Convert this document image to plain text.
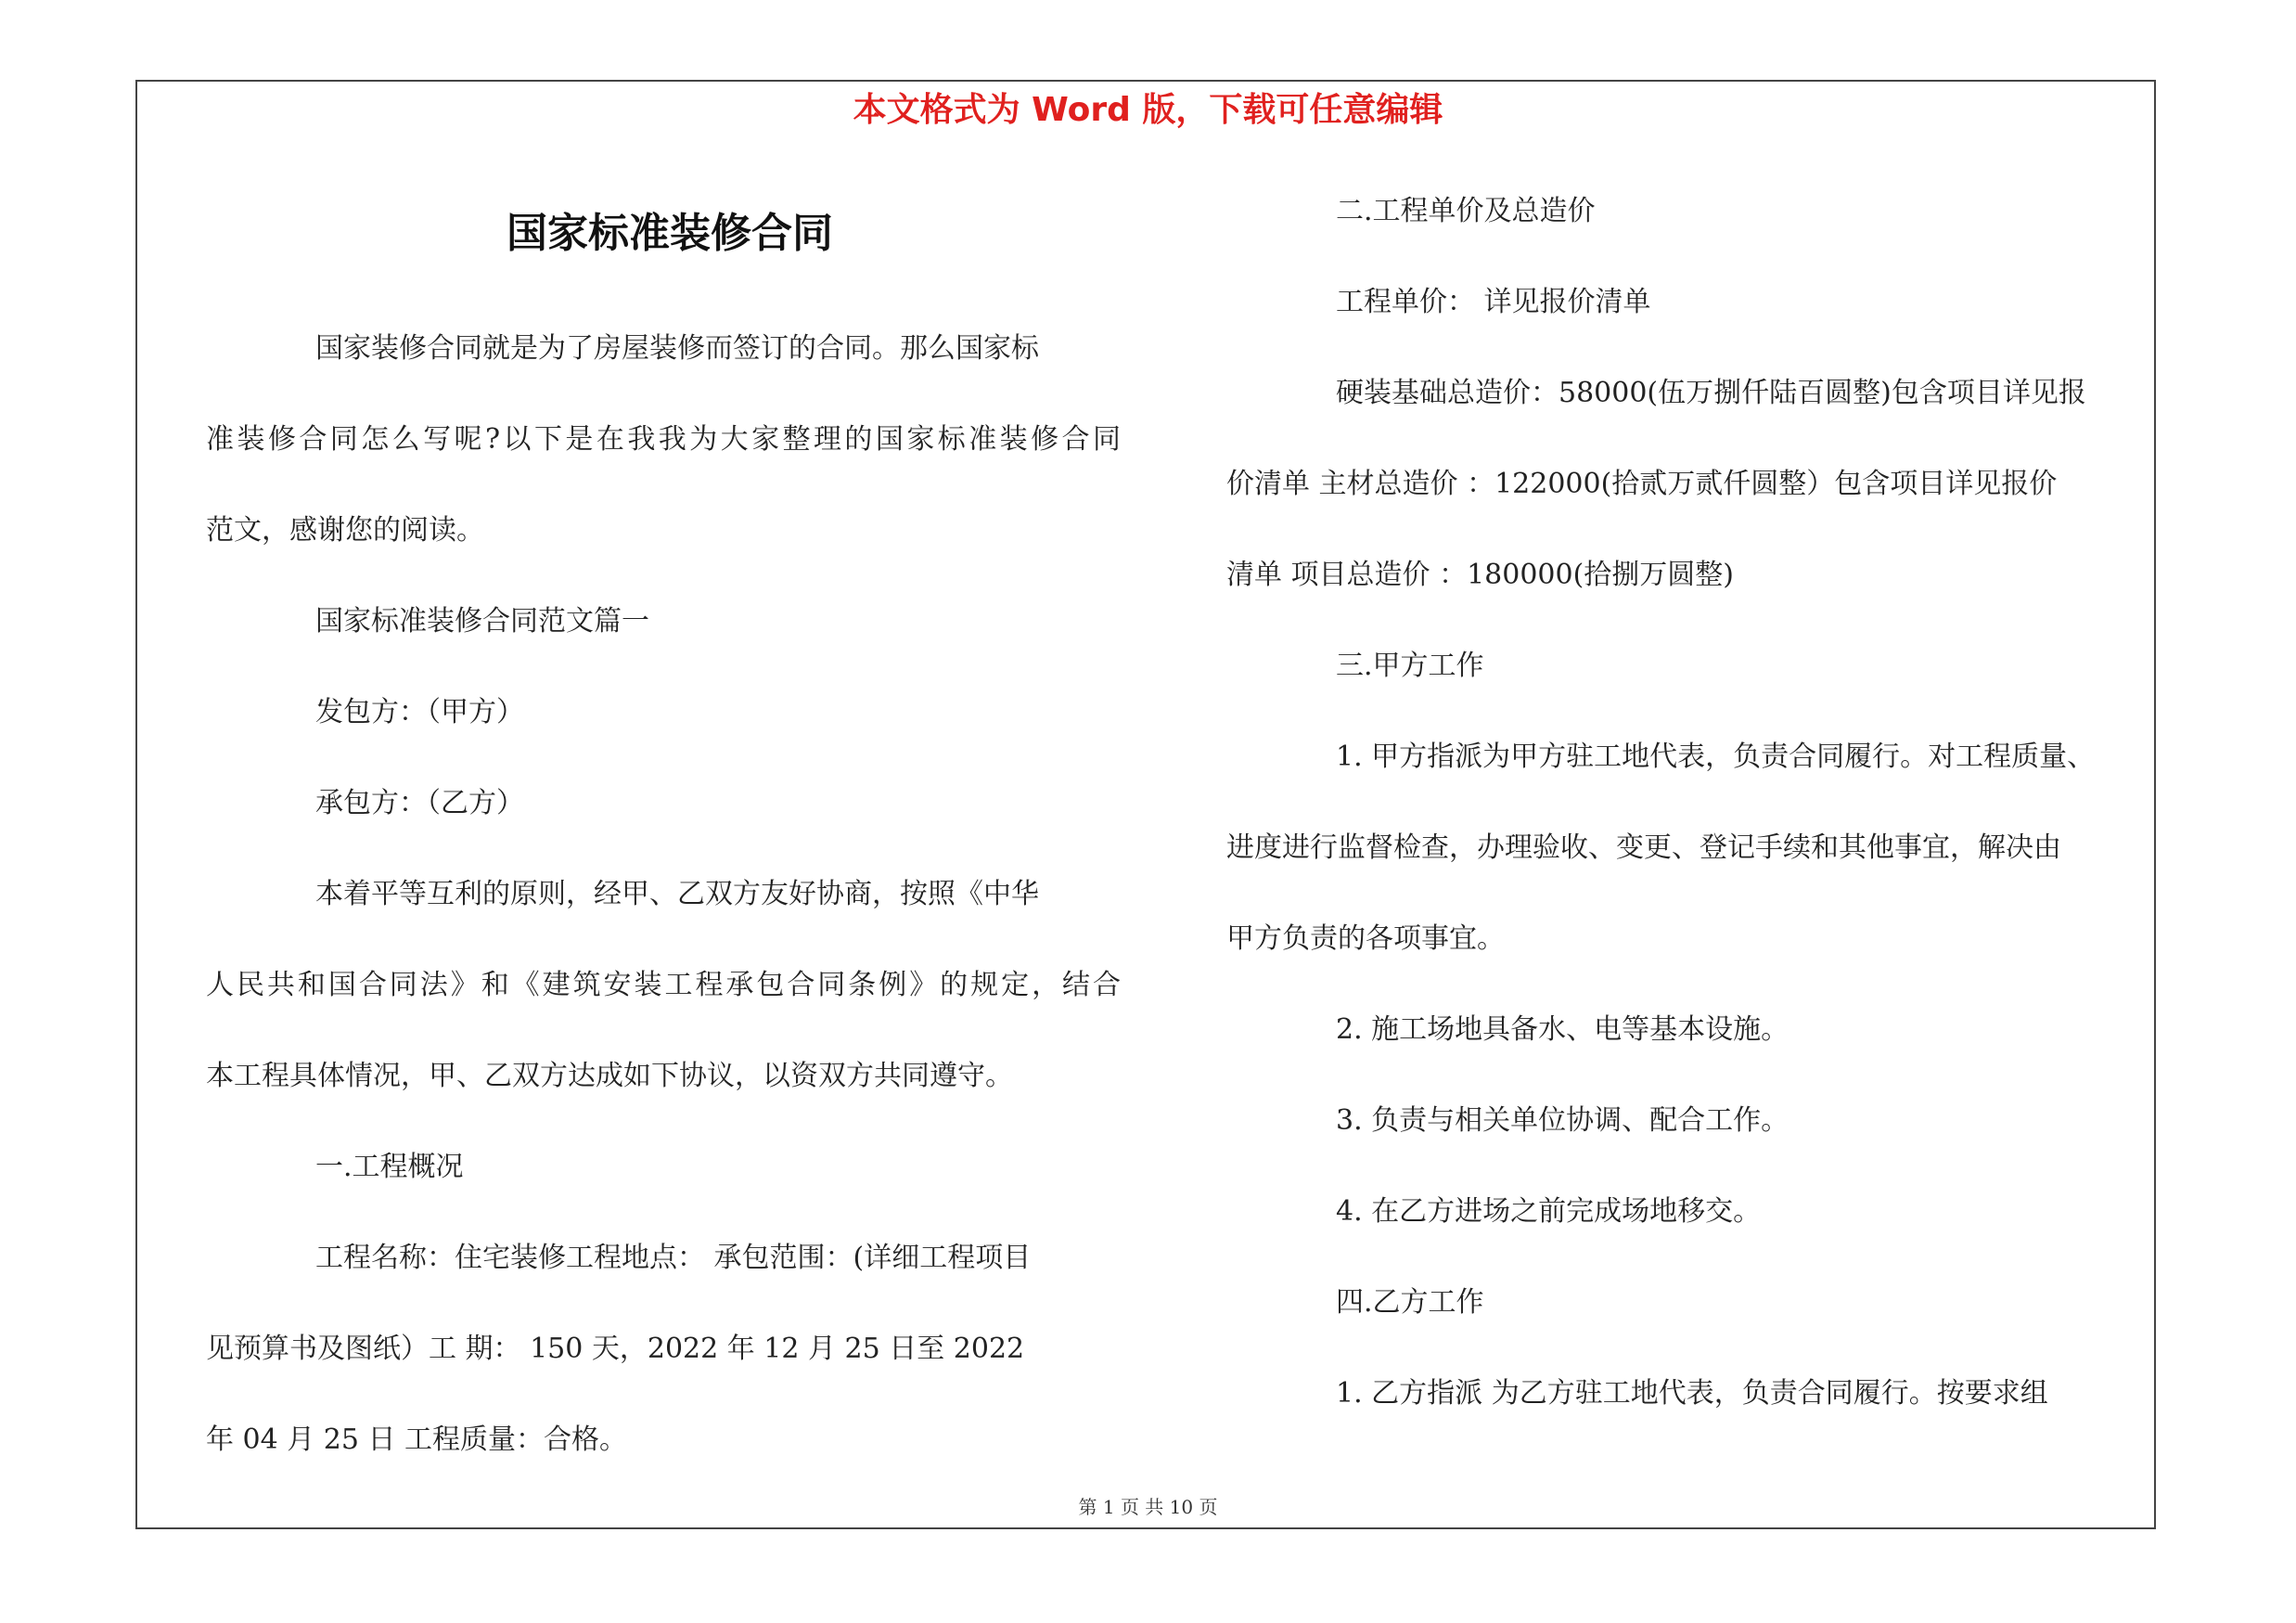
本文格式为 Word 版，下载可任意编辑
国家标准装修合同
国家装修合同就是为了房屋装修而签订的合同。那么国家标
准装修合同怎么写呢?以下是在我我为大家整理的国家标准装修合同
范文，感谢您的阅读。
国家标准装修合同范文篇一
发包方：（甲方）
承包方：（乙方）
本着平等互利的原则，经甲、乙双方友好协商，按照《中华
人民共和国合同法》和《建筑安装工程承包合同条例》的规定，结合
本工程具体情况，甲、乙双方达成如下协议，以资双方共同遵守。
一.工程概况
工程名称：住宅装修工程地点： 承包范围：(详细工程项目
见预算书及图纸）工 期： 150 天，2022 年 12 月 25 日至 2022
年 04 月 25 日 工程质量：合格。
二.工程单价及总造价
工程单价： 详见报价清单
硬装基础总造价：58000(伍万捌仟陆百圆整)包含项目详见报
价清单 主材总造价 ：122000(拾贰万贰仟圆整）包含项目详见报价
清单 项目总造价 ：180000(拾捌万圆整)
三.甲方工作
1. 甲方指派为甲方驻工地代表，负责合同履行。对工程质量、
进度进行监督检查，办理验收、变更、登记手续和其他事宜，解决由
甲方负责的各项事宜。
2. 施工场地具备水、电等基本设施。
3. 负责与相关单位协调、配合工作。
4. 在乙方进场之前完成场地移交。
四.乙方工作
1. 乙方指派 为乙方驻工地代表，负责合同履行。按要求组
第 1 页 共 10 页
